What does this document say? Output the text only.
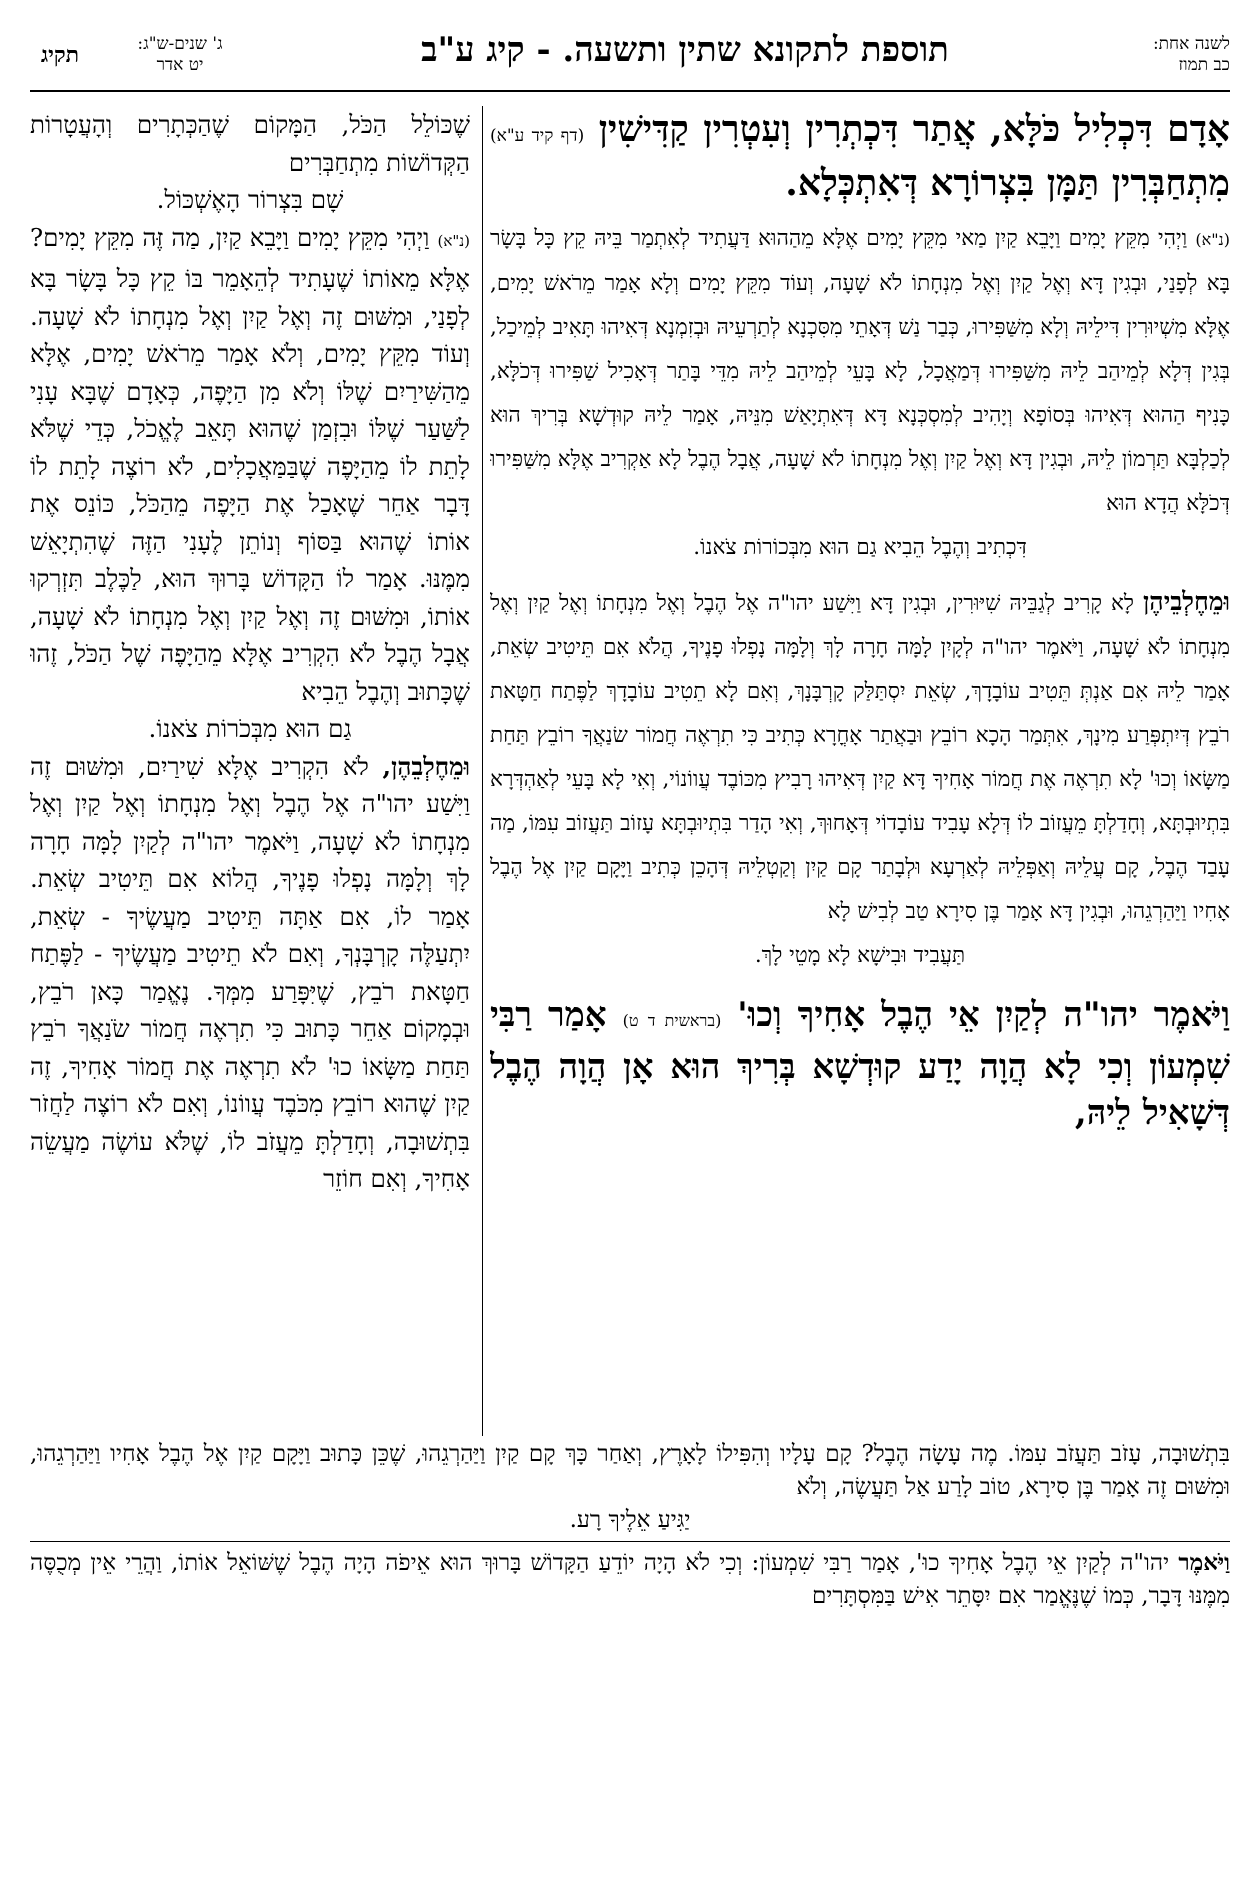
לשנה אחת:
כב תמוז
תוספת לתקונא שתין ותשעה. - קיג ע"ב
ג' שנים-ש"ג:
יט אדר
תקיג

אָדָם דִּכְלִיל כֹּלָּא, אֲתַר דִּכְתְרִין וְעִטְרִין קַדִּישִׁין (דף קיד ע"א) מִתְחַבְּרִין תַּמָּן בִּצְרוֹרָא דְּאִתְכְּלָא.

(נ"א) וַיְהִי מִקֵּץ יָמִים וַיָּבֵא קַיִן מַאי מִקֵּץ יָמִים אֶלָּא מֵהַהוּא דַּעֲתִיד לְאִתְמַר בֵּיהּ קֵץ כָּל בָּשָׂר בָּא לְפָנַי, וּבְגִין דָּא וְאֶל קַיִן וְאֶל מִנְחָתוֹ לֹא שָׁעָה, וְעוֹד מִקֵּץ יָמִים וְלָא אָמַר מֵרֹאשׁ יָמִים, אֶלָּא מִשְׁיוּרִין דִּילֵיהּ וְלָא מִשַּׁפִּירוּ, כְּבַר נַשׁ דְּאָתֵי מִסִּכְנָא לְתַרְעֵיהּ וּבְזִמְנָא דְּאִיהוּ תָּאִיב לְמֵיכַל, בְּגִין דְּלָא לְמֵיהַב לֵיהּ מִשַּׁפִּירוּ דְּמַאֲכָל, לָא בָּעֵי לְמֵיהַב לֵיהּ מִדֵּי בָּתַר דְּאָכִיל שַׁפִּירוּ דְּכֹלָּא, כָּנִיף הַהוּא דְּאִיהוּ בְּסוֹפָא וְיָהִיב לְמִסְכְּנָא דָּא דְּאִתְיָאַשׁ מִנֵּיהּ, אָמַר לֵיהּ קוּדְשָׁא בְּרִיךְ הוּא לְכַלְבָּא תַּרְמוֹן לֵיהּ, וּבְגִין דָּא וְאֶל קַיִן וְאֶל מִנְחָתוֹ לֹא שָׁעָה, אֲבָל הֶבֶל לָא אַקְרִיב אֶלָּא מִשַּׁפִּירוּ דְּכֹלָּא הֲדָא הוּא

דִּכְתִיב וְהֶבֶל הֵבִיא גַם הוּא מִבְּכוֹרוֹת צֹאנוֹ.

וּמֵחֶלְבֵיהֶן לָא קָרִיב לְגַבֵּיהּ שִׁיּוּרִין, וּבְגִין דָּא וַיִּשַׁע יהו"ה אֶל הֶבֶל וְאֶל מִנְחָתוֹ וְאֶל קַיִן וְאֶל מִנְחָתוֹ לֹא שָׁעָה, וַיֹּאמֶר יהו"ה לְקָיִן לָמָּה חָרָה לָךְ וְלָמָּה נָפְלוּ פָנֶיךָ, הֲלֹא אִם תֵּיטִיב שְׂאֵת, אָמַר לֵיהּ אִם אַנְתְּ תֵּטִיב עוֹבָדָךְ, שְׂאֵת יִסְתַּלַּק קָרְבָּנָךְ, וְאִם לָא תֵטִיב עוֹבָדָךְ לַפֶּתַח חַטָּאת רֹבֵץ דְּיִתְפְּרַע מִינָךְ, אִתְּמַר הָכָא רוֹבֵץ וּבַאֲתַר אָחֳרָא כְּתִיב כִּי תִרְאֶה חֲמוֹר שׂנַאֲךָ רוֹבֵץ תַּחַת מַשָּׂאוֹ וְכוּ' לָא תִרְאֶה אֶת חֲמוֹר אָחִיךָ דָּא קַיִן דְּאִיהוּ רָבִיץ מִכּוֹבֶד עֲווֹנוֹי, וְאִי לָא בָּעֵי לְאַהְדְּרָא בִּתְיוּבְתָּא, וְחָדַלְתָּ מֵעֲזוֹב לוֹ דְּלָא עָבִיד עוֹבָדוֹי דְּאָחוּךְ, וְאִי הָדַר בִּתְיוּבְתָּא עָזוֹב תַּעֲזוֹב עִמּוֹ, מַה עָבַד הֶבֶל, קָם עֲלֵיהּ וְאַפְּלֵיהּ לְאַרְעָא וּלְבָתַר קָם קַיִן וְקַטְלֵיהּ דְּהָכֵן כְּתִיב וַיָּקָם קַיִן אֶל הֶבֶל אָחִיו וַיַּהַרְגֵהוּ, וּבְגִין דָּא אָמַר בֶּן סִירָא טַב לְבִישׁ לָא

תַּעֲבִיד וּבִישָׁא לָא מָטֵי לָךְ.

וַיֹּאמֶר יהו"ה לְקַיִן אֵי הֶבֶל אָחִיךָ וְכוּ' (בראשית ד ט) אָמַר רַבִּי שִׁמְעוֹן וְכִי לָא הֲוָה יָדַע קוּדְשָׁא בְּרִיךְ הוּא אָן הֲוָה הֶבֶל דְּשָׁאִיל לֵיהּ,

שֶׁכּוֹלֵל הַכֹּל, הַמָּקוֹם שֶׁהַכְּתָרִים וְהָעֲטָרוֹת הַקְּדוֹשׁוֹת מִתְחַבְּרִים

שָׁם בִּצְרוֹר הָאֶשְׁכּוֹל.

(נ"א) וַיְהִי מִקֵּץ יָמִים וַיָּבֵא קַיִן, מַה זֶּה מִקֵּץ יָמִים? אֶלָּא מֵאוֹתוֹ שֶׁעָתִיד לְהֵאָמֵר בּוֹ קֵץ כָּל בָּשָׂר בָּא לְפָנַי, וּמִשּׁוּם זֶה וְאֶל קַיִן וְאֶל מִנְחָתוֹ לֹא שָׁעָה. וְעוֹד מִקֵּץ יָמִים, וְלֹא אָמַר מֵרֹאשׁ יָמִים, אֶלָּא מֵהַשִּׁירַיִם שֶׁלּוֹ וְלֹא מִן הַיָּפֶה, כְּאָדָם שֶׁבָּא עָנִי לַשַּׁעַר שֶׁלּוֹ וּבִזְמַן שֶׁהוּא תָּאֵב לֶאֱכֹל, כְּדֵי שֶׁלֹּא לָתֵת לוֹ מֵהַיָּפֶה שֶׁבַּמַּאֲכָלִים, לֹא רוֹצֶה לָתֵת לוֹ דָּבָר אַחֵר שֶׁאָכַל אֶת הַיָּפֶה מֵהַכֹּל, כּוֹנֵס אֶת אוֹתוֹ שֶׁהוּא בַּסּוֹף וְנוֹתֵן לֶעָנִי הַזֶּה שֶׁהִתְיָאֵשׁ מִמֶּנּוּ. אָמַר לוֹ הַקָּדוֹשׁ בָּרוּךְ הוּא, לַכֶּלֶב תִּזְרְקוּ אוֹתוֹ, וּמִשּׁוּם זֶה וְאֶל קַיִן וְאֶל מִנְחָתוֹ לֹא שָׁעָה, אֲבָל הֶבֶל לֹא הִקְרִיב אֶלָּא מֵהַיָּפֶה שֶׁל הַכֹּל, זֶהוּ שֶׁכָּתוּב וְהֶבֶל הֵבִיא

גַם הוּא מִבְּכֹרוֹת צֹאנוֹ.

וּמֵחֶלְבֵהֶן, לֹא הִקְרִיב אֶלָּא שִׁירַיִם, וּמִשּׁוּם זֶה וַיִּשַׁע יהו"ה אֶל הֶבֶל וְאֶל מִנְחָתוֹ וְאֶל קַיִן וְאֶל מִנְחָתוֹ לֹא שָׁעָה, וַיֹּאמֶר יהו"ה לְקַיִן לָמָּה חָרָה לָךְ וְלָמָּה נָפְלוּ פָנֶיךָ, הֲלוֹא אִם תֵּיטִיב שְׂאֵת. אָמַר לוֹ, אִם אַתָּה תֵּיטִיב מַעֲשֶׂיךָ - שְׂאֵת, יִתְעַלֶּה קָרְבָּנְךָ, וְאִם לֹא תֵיטִיב מַעֲשֶׂיךָ - לַפֶּתַח חַטָּאת רֹבֵץ, שֶׁיִּפָּרַע מִמְּךָ. נֶאֱמַר כָּאן רֹבֵץ, וּבְמָקוֹם אַחֵר כָּתוּב כִּי תִרְאֶה חֲמוֹר שֹׂנַאֲךָ רֹבֵץ תַּחַת מַשָּׂאוֹ כוּ' לֹא תִרְאֶה אֶת חֲמוֹר אָחִיךָ, זֶה קַיִן שֶׁהוּא רוֹבֵץ מִכֹּבֶד עֲווֹנוֹ, וְאִם לֹא רוֹצֶה לַחֲזֹר בִּתְשׁוּבָה, וְחָדַלְתָּ מֵעֲזֹב לוֹ, שֶׁלֹּא עוֹשֶׂה מַעֲשֵׂה אָחִיךָ, וְאִם חוֹזֵר

בִּתְשׁוּבָה, עָזֹב תַּעֲזֹב עִמּוֹ. מֶה עָשָׂה הֶבֶל? קָם עָלָיו וְהִפִּילוֹ לָאָרֶץ, וְאַחַר כָּךְ קָם קַיִן וַיַּהַרְגֵהוּ, שֶׁכֵּן כָּתוּב וַיָּקָם קַיִן אֶל הֶבֶל אָחִיו וַיַּהַרְגֵהוּ, וּמִשּׁוּם זֶה אָמַר בֶּן סִירָא, טוֹב לָרַע אַל תַּעֲשֶׂה, וְלֹא

יַגִּיעַ אֵלֶיךָ רָע.

וַיֹּאמֶר יהו"ה לְקַיִן אֵי הֶבֶל אָחִיךָ כוּ', אָמַר רַבִּי שִׁמְעוֹן: וְכִי לֹא הָיָה יוֹדֵעַ הַקָּדוֹשׁ בָּרוּךְ הוּא אֵיפֹה הָיָה הֶבֶל שֶׁשּׁוֹאֵל אוֹתוֹ, וַהֲרֵי אֵין מְכֻסֶּה מִמֶּנּוּ דָּבָר, כְּמוֹ שֶׁנֶּאֱמַר אִם יִסָּתֵר אִישׁ בַּמִּסְתָּרִים
